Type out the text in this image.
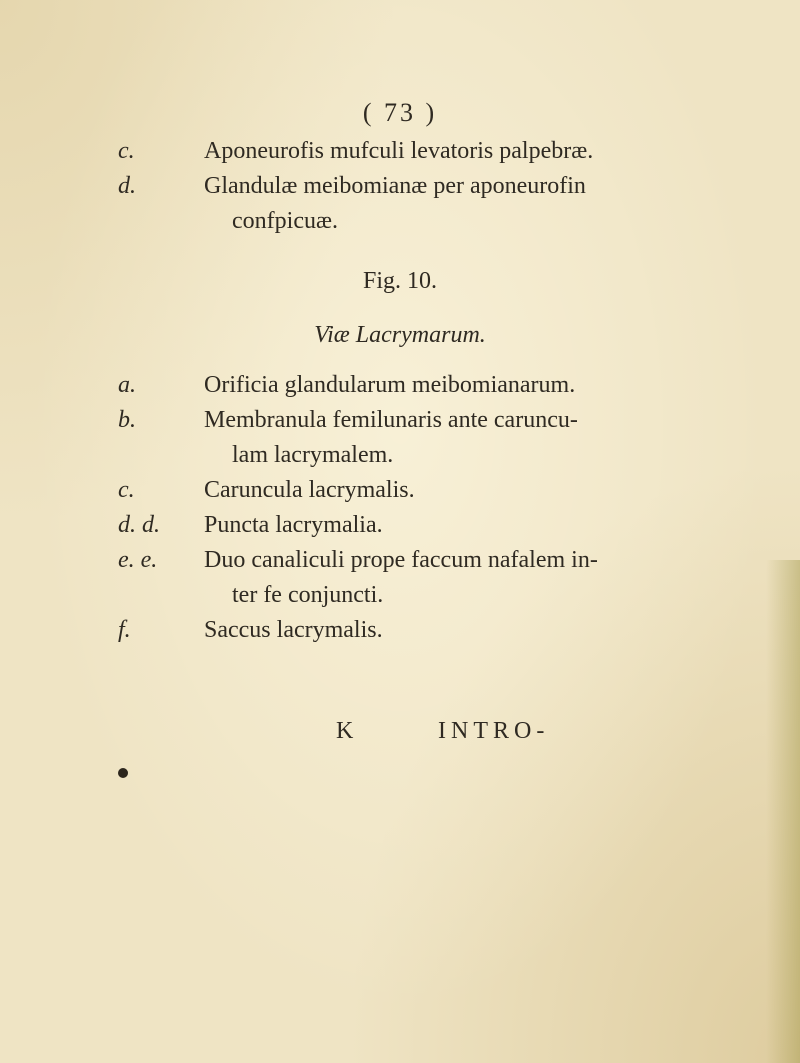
( 73 )
c.	Aponeurofis mufculi levatoris palpebræ.
d.	Glandulæ meibomianæ per aponeurofin
confpicuæ.
Fig. 10.
Viæ Lacrymarum.
a.	Orificia glandularum meibomianarum.
b.	Membranula femilunaris ante caruncu-
lam lacrymalem.
c.	Caruncula lacrymalis.
d. d. Puncta lacrymalia.
e. e. Duo canaliculi prope faccum nafalem in-
ter fe conjuncti.
f.	Saccus lacrymalis.
K	INTRO-
